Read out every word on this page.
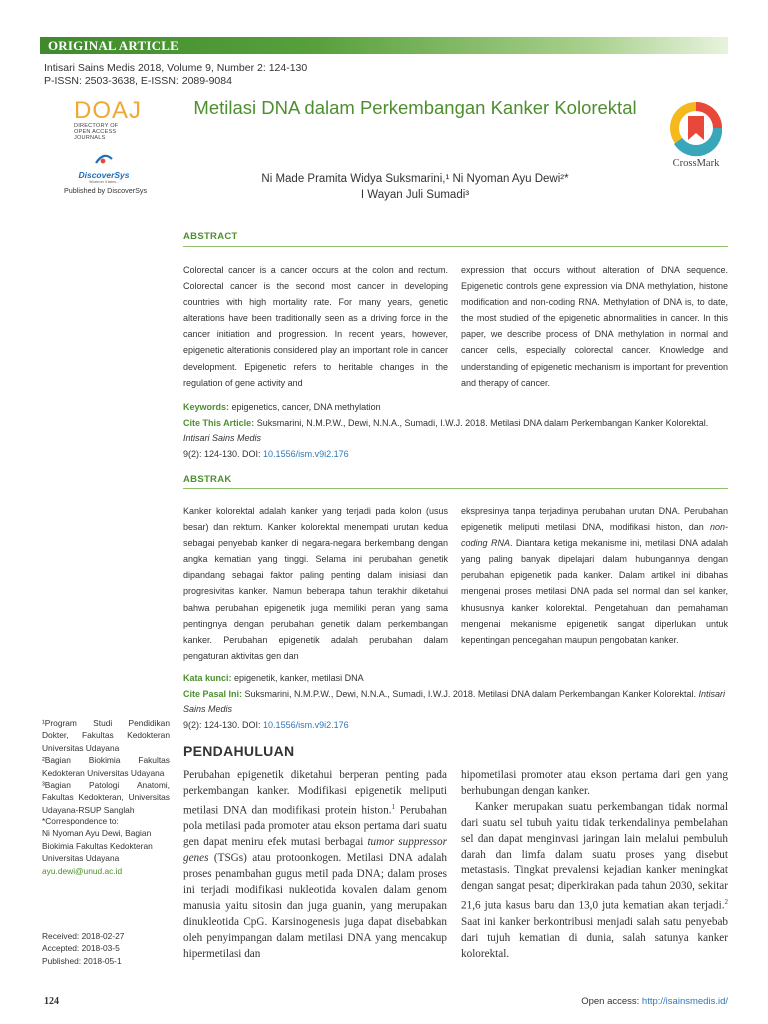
ORIGINAL ARTICLE
Intisari Sains Medis 2018, Volume 9, Number 2: 124-130
P-ISSN: 2503-3638, E-ISSN: 2089-9084
DOAJ
DIRECTORY OF
OPEN ACCESS
JOURNALS
DiscoverSys
Whatever it takes...
Published by DiscoverSys
Metilasi DNA dalam Perkembangan Kanker Kolorektal
Ni Made Pramita Widya Suksmarini,¹ Ni Nyoman Ayu Dewi²*
I Wayan Juli Sumadi³
CrossMark
ABSTRACT
Colorectal cancer is a cancer occurs at the colon and rectum. Colorectal cancer is the second most cancer in developing countries with high mortality rate. For many years, genetic alterations have been traditionally seen as a driving force in the cancer initiation and progression. In recent years, however, epigenetic alterationis considered play an important role in cancer development. Epigenetic refers to heritable changes in the regulation of gene activity and
expression that occurs without alteration of DNA sequence. Epigenetic controls gene expression via DNA methylation, histone modification and non-coding RNA. Methylation of DNA is, to date, the most studied of the epigenetic abnormalities in cancer. In this paper, we describe process of DNA methylation in normal and cancer cells, especially colorectal cancer. Knowledge and understanding of epigenetic mechanism is important for prevention and therapy of cancer.
Keywords: epigenetics, cancer, DNA methylation
Cite This Article: Suksmarini, N.M.P.W., Dewi, N.N.A., Sumadi, I.W.J. 2018. Metilasi DNA dalam Perkembangan Kanker Kolorektal. Intisari Sains Medis
9(2): 124-130. DOI: 10.1556/ism.v9i2.176
ABSTRAK
Kanker kolorektal adalah kanker yang terjadi pada kolon (usus besar) dan rektum. Kanker kolorektal menempati urutan kedua sebagai penyebab kanker di negara-negara berkembang dengan angka kematian yang tinggi. Selama ini perubahan genetik dipandang sebagai faktor paling penting dalam inisiasi dan progresivitas kanker. Namun beberapa tahun terakhir diketahui bahwa perubahan epigenetik juga memiliki peran yang sama pentingnya dengan perubahan genetik dalam perkembangan kanker. Perubahan epigenetik adalah perubahan dalam pengaturan aktivitas gen dan
ekspresinya tanpa terjadinya perubahan urutan DNA. Perubahan epigenetik meliputi metilasi DNA, modifikasi histon, dan non-coding RNA. Diantara ketiga mekanisme ini, metilasi DNA adalah yang paling banyak dipelajari dalam hubungannya dengan perubahan epigenetik pada kanker. Dalam artikel ini dibahas mengenai proses metilasi DNA pada sel normal dan sel kanker, khususnya kanker kolorektal. Pengetahuan dan pemahaman mengenai mekanisme epigenetik sangat diperlukan untuk kepentingan pencegahan maupun pengobatan kanker.
Kata kunci: epigenetik, kanker, metilasi DNA
Cite Pasal Ini: Suksmarini, N.M.P.W., Dewi, N.N.A., Sumadi, I.W.J. 2018. Metilasi DNA dalam Perkembangan Kanker Kolorektal. Intisari Sains Medis
9(2): 124-130. DOI: 10.1556/ism.v9i2.176

¹Program Studi Pendidikan Dokter, Fakultas Kedokteran Universitas Udayana

²Bagian Biokimia Fakultas Kedokteran Universitas Udayana

³Bagian Patologi Anatomi, Fakultas Kedokteran, Universitas Udayana-RSUP Sanglah

*Correspondence to:
Ni Nyoman Ayu Dewi, Bagian
Biokimia Fakultas Kedokteran
Universitas Udayana
ayu.dewi@unud.ac.id
Received: 2018-02-27
Accepted: 2018-03-5
Published: 2018-05-1
PENDAHULUAN

Perubahan epigenetik diketahui berperan penting pada perkembangan kanker. Modifikasi epigenetik meliputi metilasi DNA dan modifikasi protein histon.$^1$ Perubahan pola metilasi pada promoter atau ekson pertama dari suatu gen dapat meniru efek mutasi berbagai tumor suppressor genes (TSGs) atau protoonkogen. Metilasi DNA adalah proses penambahan gugus metil pada DNA; dalam proses ini terjadi modifikasi nukleotida kovalen dalam genom manusia yaitu sitosin dan juga guanin, yang merupakan dinukleotida CpG. Karsinogenesis juga dapat disebabkan oleh penyimpangan dalam metilasi DNA yang mencakup hipermetilasi dan

hipometilasi promoter atau ekson pertama dari gen yang berhubungan dengan kanker.

Kanker merupakan suatu perkembangan tidak normal dari suatu sel tubuh yaitu tidak terkendalinya pembelahan sel dan dapat menginvasi jaringan lain melalui pembuluh darah dan limfa dalam suatu proses yang disebut metastasis. Tingkat prevalensi kejadian kanker meningkat dengan sangat pesat; diperkirakan pada tahun 2030, sekitar 21,6 juta kasus baru dan 13,0 juta kematian akan terjadi.$^2$ Saat ini kanker berkontribusi menjadi salah satu penyebab dari tujuh kematian di dunia, salah satunya kanker kolorektal.

124	Open access: http://isainsmedis.id/
